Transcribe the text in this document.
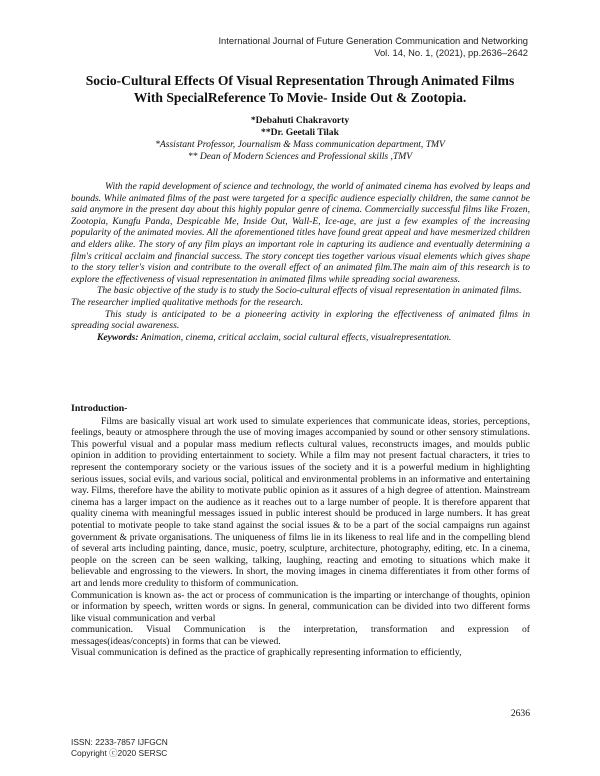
International Journal of Future Generation Communication and Networking
Vol. 14, No. 1, (2021), pp.2636–2642
Socio-Cultural Effects Of Visual Representation Through Animated Films
With SpecialReference To Movie- Inside Out & Zootopia.
*Debahuti Chakravorty
**Dr. Geetali Tilak
*Assistant Professor, Journalism & Mass communication department, TMV
** Dean of Modern Sciences and Professional skills ,TMV

With the rapid development of science and technology, the world of animated cinema has evolved by leaps and bounds. While animated films of the past were targeted for a specific audience especially children, the same cannot be said anymore in the present day about this highly popular genre of cinema. Commercially successful films like Frozen, Zootopia, Kungfu Panda, Despicable Me, Inside Out, Wall-E, Ice-age, are just a few examples of the increasing popularity of the animated movies. All the aforementioned titles have found great appeal and have mesmerized children and elders alike. The story of any film plays an important role in capturing its audience and eventually determining a film's critical acclaim and financial success. The story concept ties together various visual elements which gives shape to the story teller's vision and contribute to the overall effect of an animated film.The main aim of this research is to explore the effectiveness of visual representation in animated films while spreading social awareness.

The basic objective of the study is to study the Socio-cultural effects of visual representation in animated films.

The researcher implied qualitative methods for the research.

This study is anticipated to be a pioneering activity in exploring the effectiveness of animated films in spreading social awareness.

Keywords: Animation, cinema, critical acclaim, social cultural effects, visualrepresentation.

Introduction-

Films are basically visual art work used to simulate experiences that communicate ideas, stories, perceptions, feelings, beauty or atmosphere through the use of moving images accompanied by sound or other sensory stimulations. This powerful visual and a popular mass medium reflects cultural values, reconstructs images, and moulds public opinion in addition to providing entertainment to society. While a film may not present factual characters, it tries to represent the contemporary society or the various issues of the society and it is a powerful medium in highlighting serious issues, social evils, and various social, political and environmental problems in an informative and entertaining way. Films, therefore have the ability to motivate public opinion as it assures of a high degree of attention. Mainstream cinema has a larger impact on the audience as it reaches out to a large number of people. It is therefore apparent that quality cinema with meaningful messages issued in public interest should be produced in large numbers. It has great potential to motivate people to take stand against the social issues & to be a part of the social campaigns run against government & private organisations. The uniqueness of films lie in its likeness to real life and in the compelling blend of several arts including painting, dance, music, poetry, sculpture, architecture, photography, editing, etc. In a cinema, people on the screen can be seen walking, talking, laughing, reacting and emoting to situations which make it believable and engrossing to the viewers. In short, the moving images in cinema differentiates it from other forms of art and lends more credulity to thisform of communication.

Communication is known as- the act or process of communication is the imparting or interchange of thoughts, opinion or information by speech, written words or signs. In general, communication can be divided into two different forms like visual communication and verbal

communication. Visual Communication is the interpretation, transformation and expression of messages(ideas/concepts) in forms that can be viewed.

Visual communication is defined as the practice of graphically representing information to efficiently,

2636
ISSN: 2233-7857 IJFGCN
Copyright ⓒ2020 SERSC
